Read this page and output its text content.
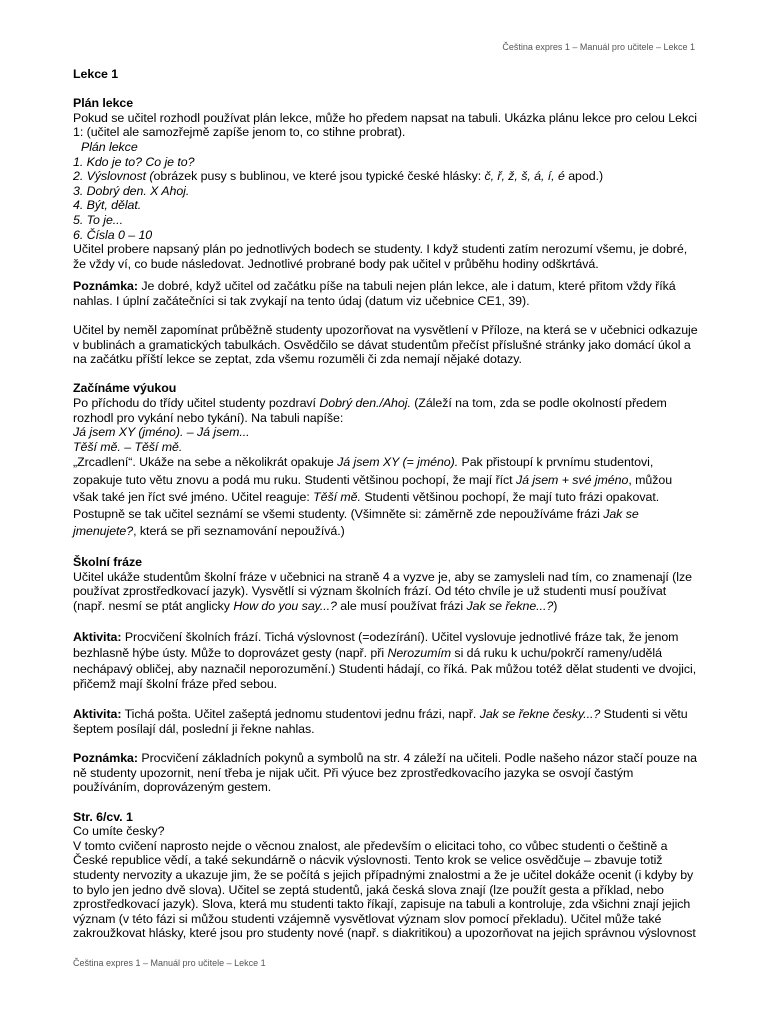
Čeština expres 1 – Manuál pro učitele – Lekce 1

Lekce 1

Plán lekce

Pokud se učitel rozhodl používat plán lekce, může ho předem napsat na tabuli. Ukázka plánu lekce pro celou Lekci 1: (učitel ale samozřejmě zapíše jenom to, co stihne probrat).

Plán lekce

1. Kdo je to? Co je to?

2. Výslovnost (obrázek pusy s bublinou, ve které jsou typické české hlásky: č, ř, ž, š, á, í, é apod.)

3. Dobrý den. X Ahoj.

4. Být, dělat.

5. To je...

6. Čísla 0 – 10

Učitel probere napsaný plán po jednotlivých bodech se studenty. I když studenti zatím nerozumí všemu, je dobré, že vždy ví, co bude následovat. Jednotlivé probrané body pak učitel v průběhu hodiny odškrtává.

Poznámka: Je dobré, když učitel od začátku píše na tabuli nejen plán lekce, ale i datum, které přitom vždy říká nahlas. I úplní začátečníci si tak zvykají na tento údaj (datum viz učebnice CE1, 39).

Učitel by neměl zapomínat průběžně studenty upozorňovat na vysvětlení v Příloze, na která se v učebnici odkazuje v bublinách a gramatických tabulkách. Osvědčilo se dávat studentům přečíst příslušné stránky jako domácí úkol a na začátku příští lekce se zeptat, zda všemu rozuměli či zda nemají nějaké dotazy.

Začínáme výukou

Po příchodu do třídy učitel studenty pozdraví Dobrý den./Ahoj. (Záleží na tom, zda se podle okolností předem rozhodl pro vykání nebo tykání). Na tabuli napíše:

Já jsem XY (jméno). – Já jsem...

Těší mě. – Těší mě.

„Zrcadlení“. Ukáže na sebe a několikrát opakuje Já jsem XY (= jméno). Pak přistoupí k prvnímu studentovi, zopakuje tuto větu znovu a podá mu ruku. Studenti většinou pochopí, že mají říct Já jsem + své jméno, můžou však také jen říct své jméno. Učitel reaguje: Těší mě. Studenti většinou pochopí, že mají tuto frázi opakovat. Postupně se tak učitel seznámí se všemi studenty. (Všimněte si: záměrně zde nepoužíváme frázi Jak se jmenujete?, která se při seznamování nepoužívá.)

Školní fráze

Učitel ukáže studentům školní fráze v učebnici na straně 4 a vyzve je, aby se zamysleli nad tím, co znamenají (lze používat zprostředkovací jazyk). Vysvětlí si význam školních frází. Od této chvíle je už studenti musí používat (např. nesmí se ptát anglicky How do you say...? ale musí používat frázi Jak se řekne...?)

Aktivita: Procvičení školních frází. Tichá výslovnost (=odezírání). Učitel vyslovuje jednotlivé fráze tak, že jenom bezhlasně hýbe ústy. Může to doprovázet gesty (např. při Nerozumím si dá ruku k uchu/pokrčí rameny/udělá nechápavý obličej, aby naznačil neporozumění.) Studenti hádají, co říká. Pak můžou totéž dělat studenti ve dvojici, přičemž mají školní fráze před sebou.

Aktivita: Tichá pošta. Učitel zašeptá jednomu studentovi jednu frázi, např. Jak se řekne česky...? Studenti si větu šeptem posílají dál, poslední ji řekne nahlas.

Poznámka: Procvičení základních pokynů a symbolů na str. 4 záleží na učiteli. Podle našeho názor stačí pouze na ně studenty upozornit, není třeba je nijak učit. Při výuce bez zprostředkovacího jazyka se osvojí častým používáním, doprovázeným gestem.

Str. 6/cv. 1

Co umíte česky?

V tomto cvičení naprosto nejde o věcnou znalost, ale především o elicitaci toho, co vůbec studenti o češtině a České republice vědí, a také sekundárně o nácvik výslovnosti. Tento krok se velice osvědčuje – zbavuje totiž studenty nervozity a ukazuje jim, že se počítá s jejich případnými znalostmi a že je učitel dokáže ocenit (i kdyby by to bylo jen jedno dvě slova). Učitel se zeptá studentů, jaká česká slova znají (lze použít gesta a příklad, nebo zprostředkovací jazyk). Slova, která mu studenti takto říkají, zapisuje na tabuli a kontroluje, zda všichni znají jejich význam (v této fázi si můžou studenti vzájemně vysvětlovat význam slov pomocí překladu). Učitel může také zakroužkovat hlásky, které jsou pro studenty nové (např. s diakritikou) a upozorňovat na jejich správnou výslovnost

Čeština expres 1 – Manuál pro učitele – Lekce 1
